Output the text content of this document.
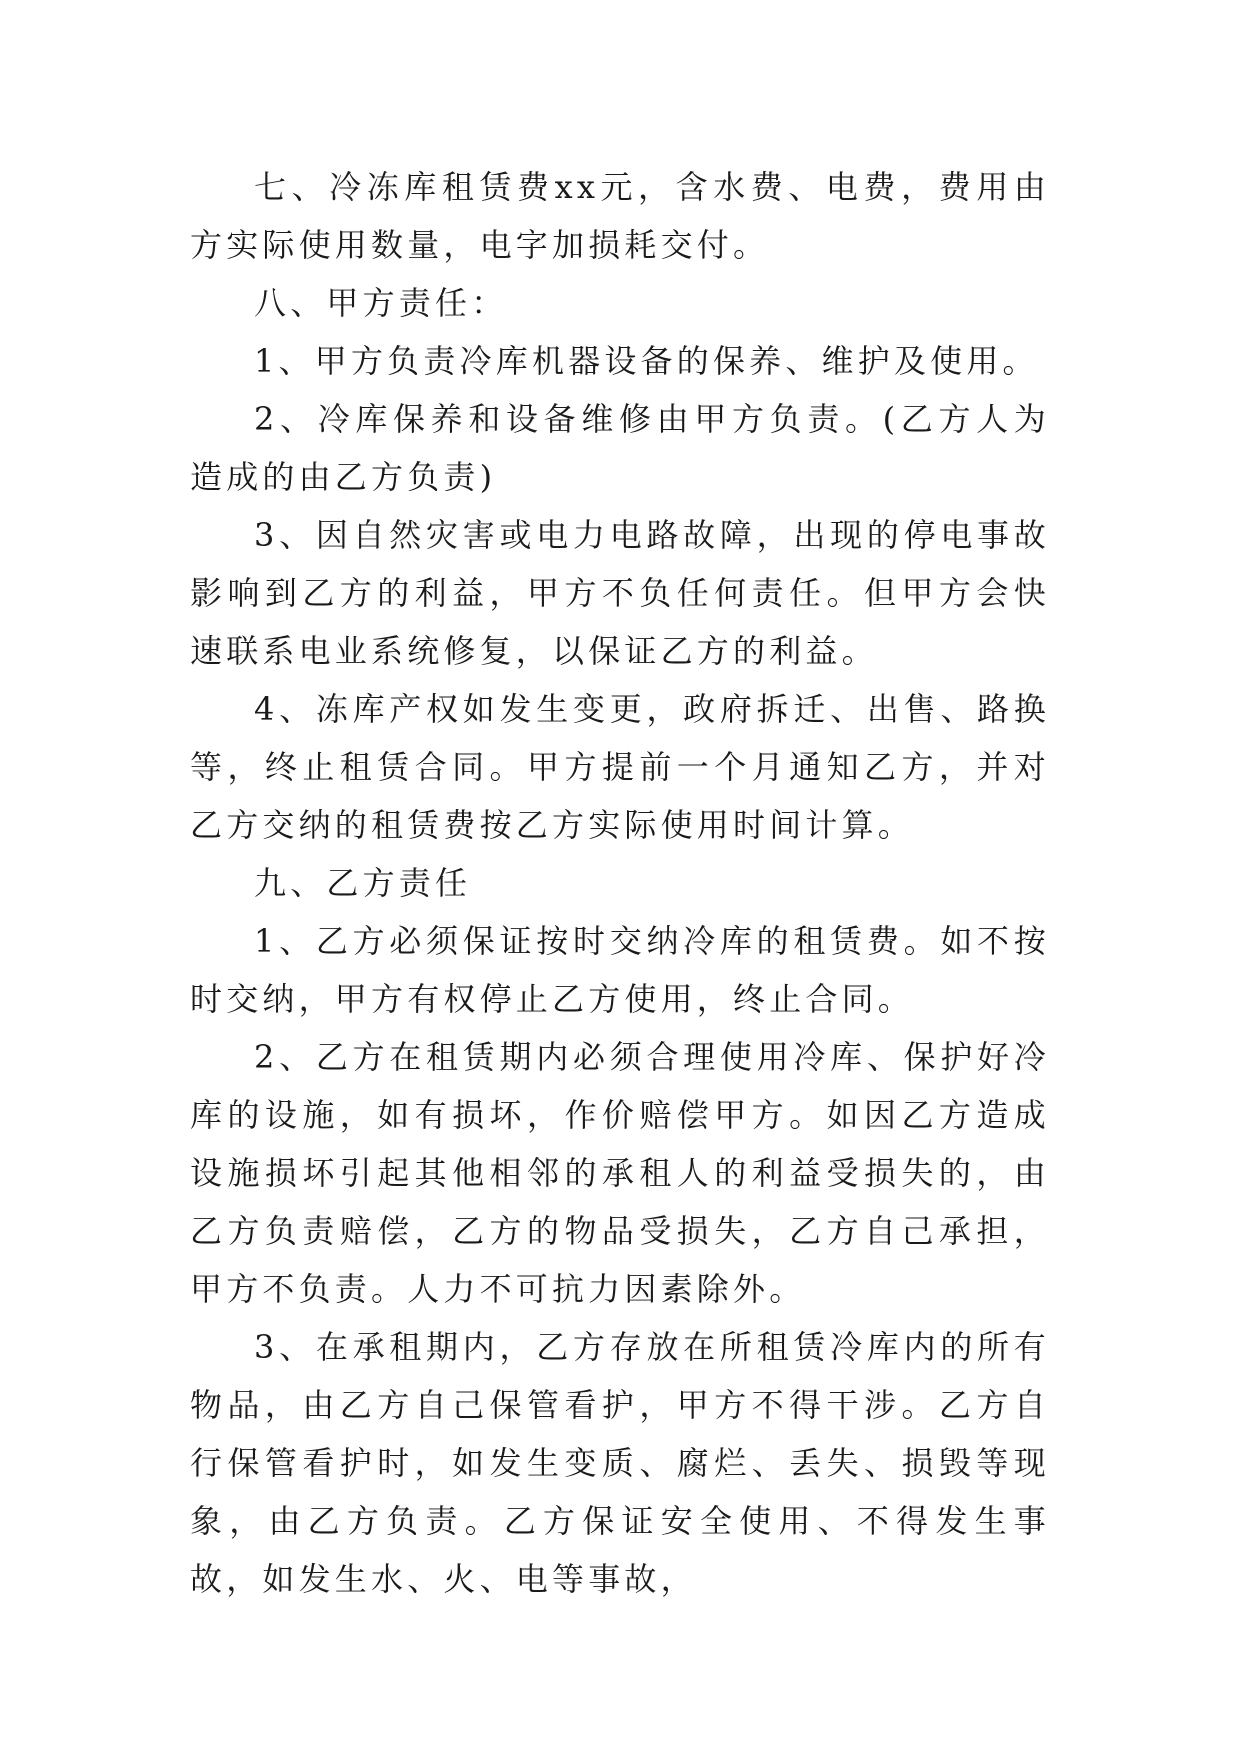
七、冷冻库租赁费xx元，含水费、电费，费用由方实际使用数量，电字加损耗交付。

八、甲方责任：

1、甲方负责冷库机器设备的保养、维护及使用。

2、冷库保养和设备维修由甲方负责。(乙方人为造成的由乙方负责)

3、因自然灾害或电力电路故障，出现的停电事故影响到乙方的利益，甲方不负任何责任。但甲方会快速联系电业系统修复，以保证乙方的利益。

4、冻库产权如发生变更，政府拆迁、出售、路换等，终止租赁合同。甲方提前一个月通知乙方，并对乙方交纳的租赁费按乙方实际使用时间计算。

九、乙方责任

1、乙方必须保证按时交纳冷库的租赁费。如不按时交纳，甲方有权停止乙方使用，终止合同。

2、乙方在租赁期内必须合理使用冷库、保护好冷库的设施，如有损坏，作价赔偿甲方。如因乙方造成设施损坏引起其他相邻的承租人的利益受损失的，由乙方负责赔偿，乙方的物品受损失，乙方自己承担，甲方不负责。人力不可抗力因素除外。

3、在承租期内，乙方存放在所租赁冷库内的所有物品，由乙方自己保管看护，甲方不得干涉。乙方自行保管看护时，如发生变质、腐烂、丢失、损毁等现象，由乙方负责。乙方保证安全使用、不得发生事故，如发生水、火、电等事故，
